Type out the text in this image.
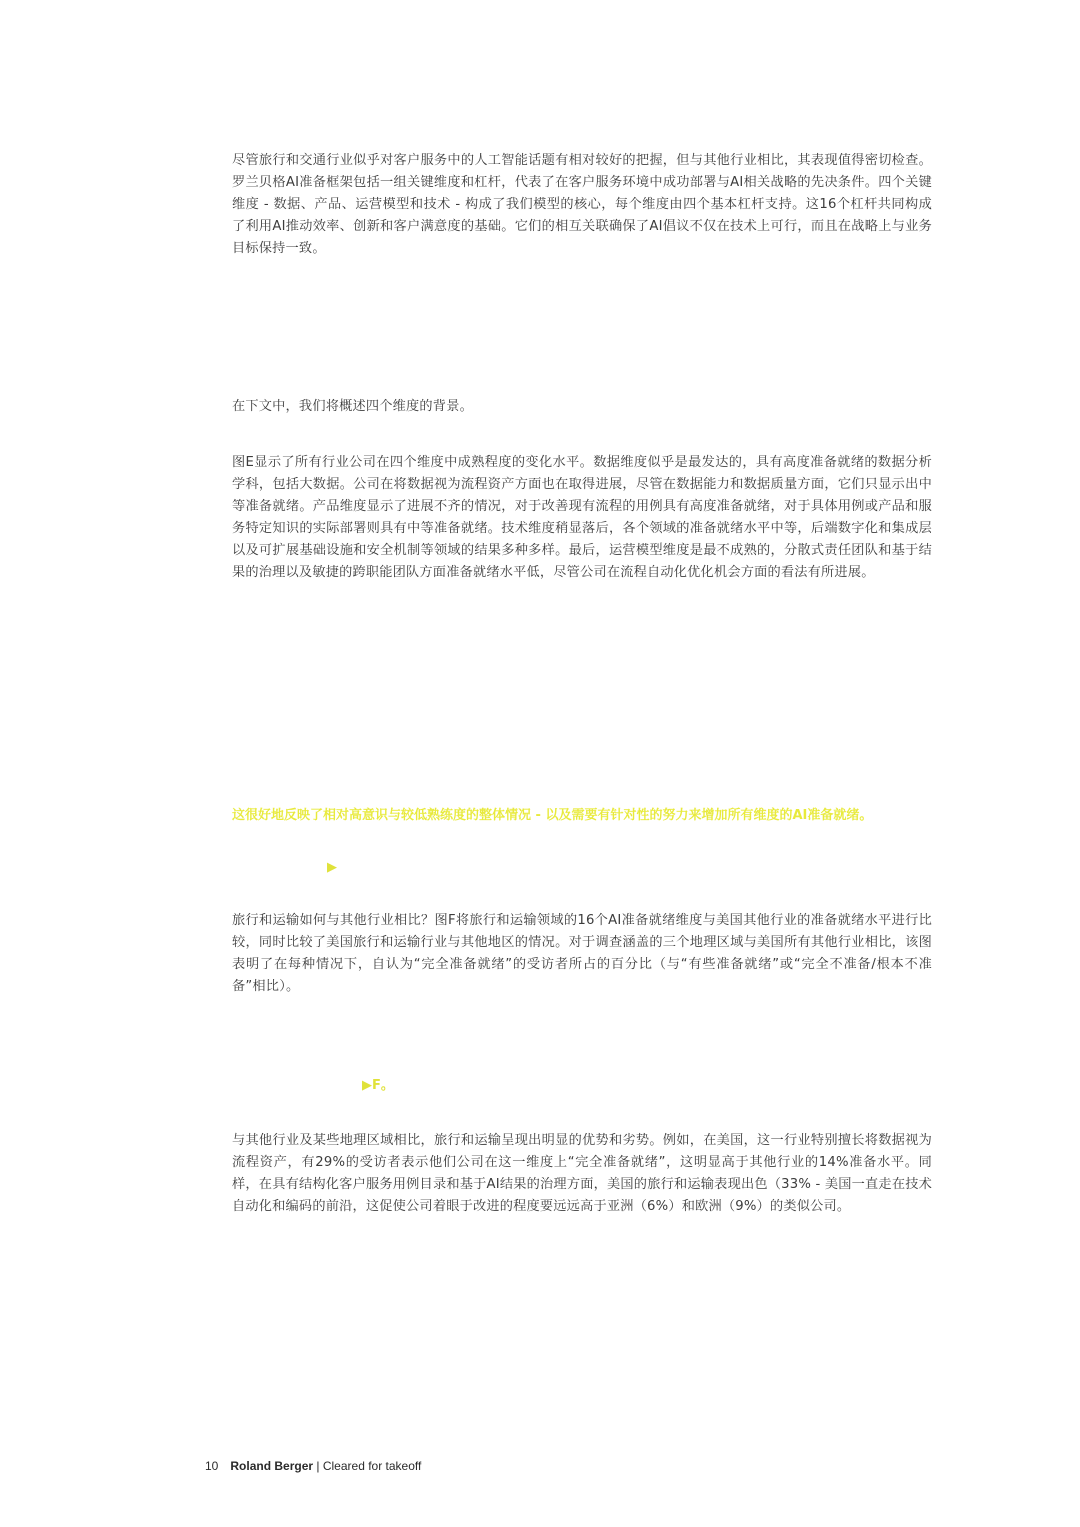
尽管旅行和交通行业似乎对客户服务中的人工智能话题有相对较好的把握，但与其他行业相比，其表现值得密切检查。罗兰贝格AI准备框架包括一组关键维度和杠杆，代表了在客户服务环境中成功部署与AI相关战略的先决条件。四个关键维度 - 数据、产品、运营模型和技术 - 构成了我们模型的核心，每个维度由四个基本杠杆支持。这16个杠杆共同构成了利用AI推动效率、创新和客户满意度的基础。它们的相互关联确保了AI倡议不仅在技术上可行，而且在战略上与业务目标保持一致。

在下文中，我们将概述四个维度的背景。

图E显示了所有行业公司在四个维度中成熟程度的变化水平。数据维度似乎是最发达的，具有高度准备就绪的数据分析学科，包括大数据。公司在将数据视为流程资产方面也在取得进展，尽管在数据能力和数据质量方面，它们只显示出中等准备就绪。产品维度显示了进展不齐的情况，对于改善现有流程的用例具有高度准备就绪，对于具体用例或产品和服务特定知识的实际部署则具有中等准备就绪。技术维度稍显落后，各个领域的准备就绪水平中等，后端数字化和集成层以及可扩展基础设施和安全机制等领域的结果多种多样。最后，运营模型维度是最不成熟的，分散式责任团队和基于结果的治理以及敏捷的跨职能团队方面准备就绪水平低，尽管公司在流程自动化优化机会方面的看法有所进展。

这很好地反映了相对高意识与较低熟练度的整体情况 - 以及需要有针对性的努力来增加所有维度的AI准备就绪。

▶

旅行和运输如何与其他行业相比？图F将旅行和运输领域的16个AI准备就绪维度与美国其他行业的准备就绪水平进行比较，同时比较了美国旅行和运输行业与其他地区的情况。对于调查涵盖的三个地理区域与美国所有其他行业相比，该图表明了在每种情况下，自认为“完全准备就绪”的受访者所占的百分比（与“有些准备就绪”或“完全不准备/根本不准备”相比）。

▶F。

与其他行业及某些地理区域相比，旅行和运输呈现出明显的优势和劣势。例如，在美国，这一行业特别擅长将数据视为流程资产，有29%的受访者表示他们公司在这一维度上“完全准备就绪”，这明显高于其他行业的14%准备水平。同样，在具有结构化客户服务用例目录和基于AI结果的治理方面，美国的旅行和运输表现出色（33% - 美国一直走在技术自动化和编码的前沿，这促使公司着眼于改进的程度要远远高于亚洲（6%）和欧洲（9%）的类似公司。

10 Roland Berger | Cleared for takeoff
